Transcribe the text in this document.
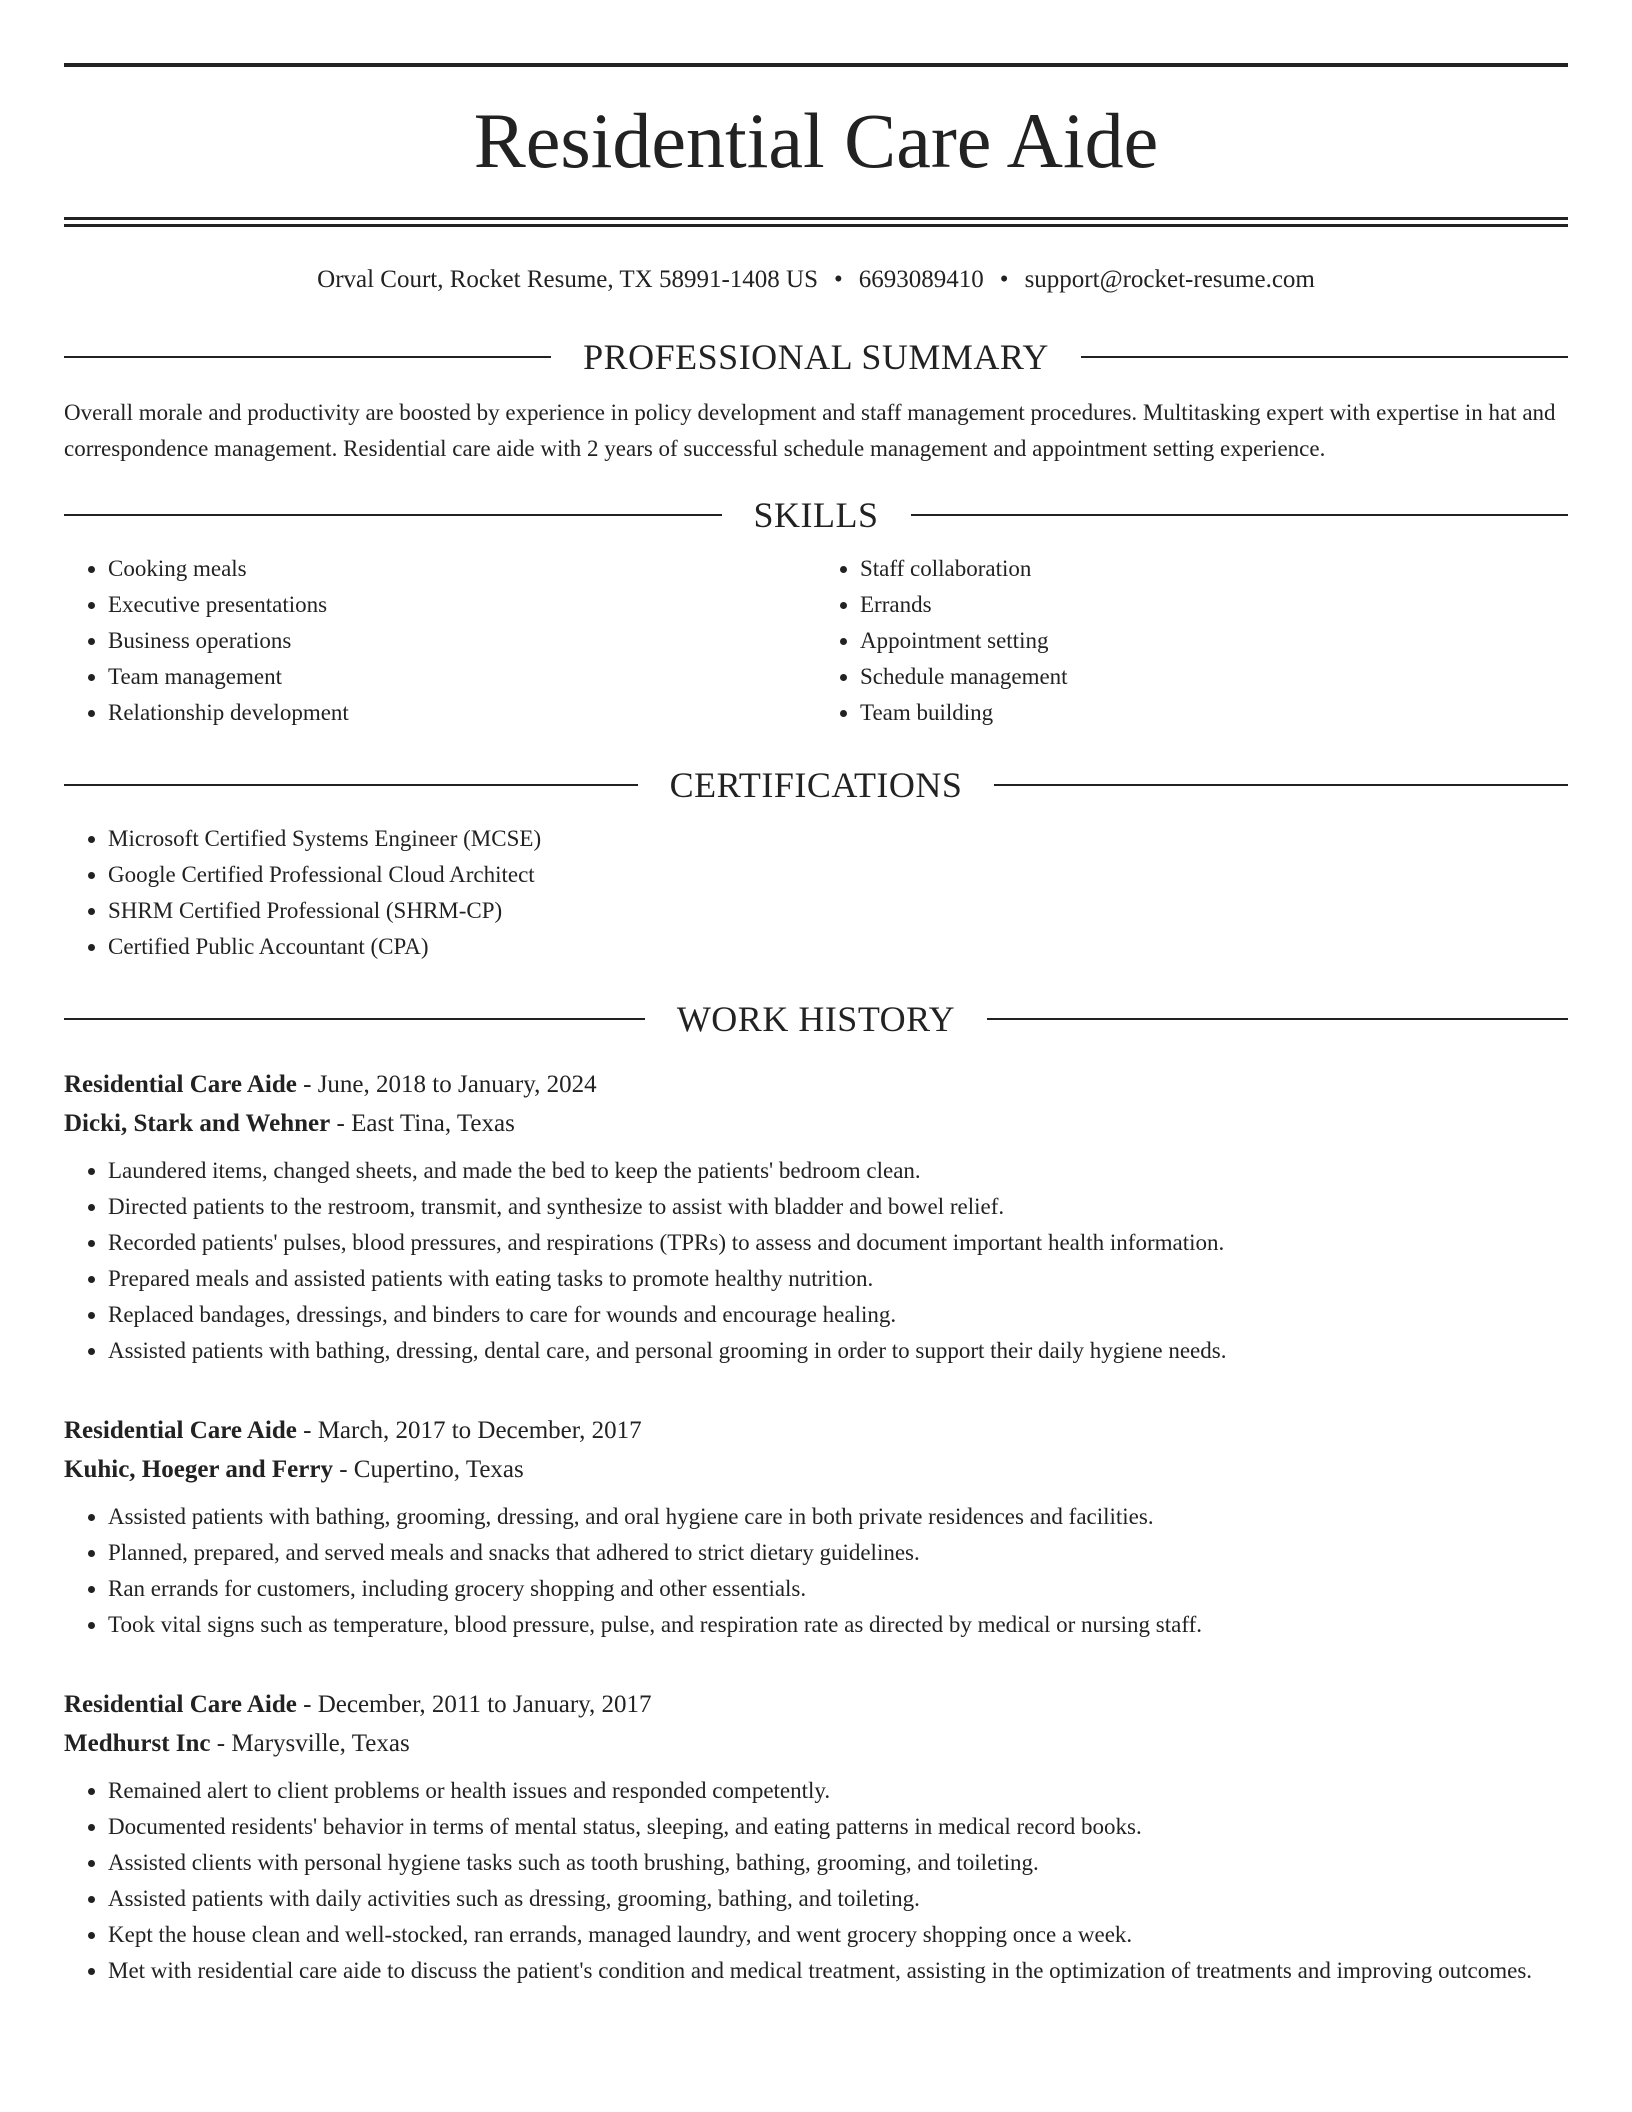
Residential Care Aide
Orval Court, Rocket Resume, TX 58991-1408 US • 6693089410 • support@rocket-resume.com
PROFESSIONAL SUMMARY
Overall morale and productivity are boosted by experience in policy development and staff management procedures. Multitasking expert with expertise in hat and correspondence management. Residential care aide with 2 years of successful schedule management and appointment setting experience.
SKILLS
• Cooking meals
• Executive presentations
• Business operations
• Team management
• Relationship development
• Staff collaboration
• Errands
• Appointment setting
• Schedule management
• Team building
CERTIFICATIONS
• Microsoft Certified Systems Engineer (MCSE)
• Google Certified Professional Cloud Architect
• SHRM Certified Professional (SHRM-CP)
• Certified Public Accountant (CPA)
WORK HISTORY
Residential Care Aide - June, 2018 to January, 2024
Dicki, Stark and Wehner - East Tina, Texas
• Laundered items, changed sheets, and made the bed to keep the patients' bedroom clean.
• Directed patients to the restroom, transmit, and synthesize to assist with bladder and bowel relief.
• Recorded patients' pulses, blood pressures, and respirations (TPRs) to assess and document important health information.
• Prepared meals and assisted patients with eating tasks to promote healthy nutrition.
• Replaced bandages, dressings, and binders to care for wounds and encourage healing.
• Assisted patients with bathing, dressing, dental care, and personal grooming in order to support their daily hygiene needs.
Residential Care Aide - March, 2017 to December, 2017
Kuhic, Hoeger and Ferry - Cupertino, Texas
• Assisted patients with bathing, grooming, dressing, and oral hygiene care in both private residences and facilities.
• Planned, prepared, and served meals and snacks that adhered to strict dietary guidelines.
• Ran errands for customers, including grocery shopping and other essentials.
• Took vital signs such as temperature, blood pressure, pulse, and respiration rate as directed by medical or nursing staff.
Residential Care Aide - December, 2011 to January, 2017
Medhurst Inc - Marysville, Texas
• Remained alert to client problems or health issues and responded competently.
• Documented residents' behavior in terms of mental status, sleeping, and eating patterns in medical record books.
• Assisted clients with personal hygiene tasks such as tooth brushing, bathing, grooming, and toileting.
• Assisted patients with daily activities such as dressing, grooming, bathing, and toileting.
• Kept the house clean and well-stocked, ran errands, managed laundry, and went grocery shopping once a week.
• Met with residential care aide to discuss the patient's condition and medical treatment, assisting in the optimization of treatments and improving outcomes.
